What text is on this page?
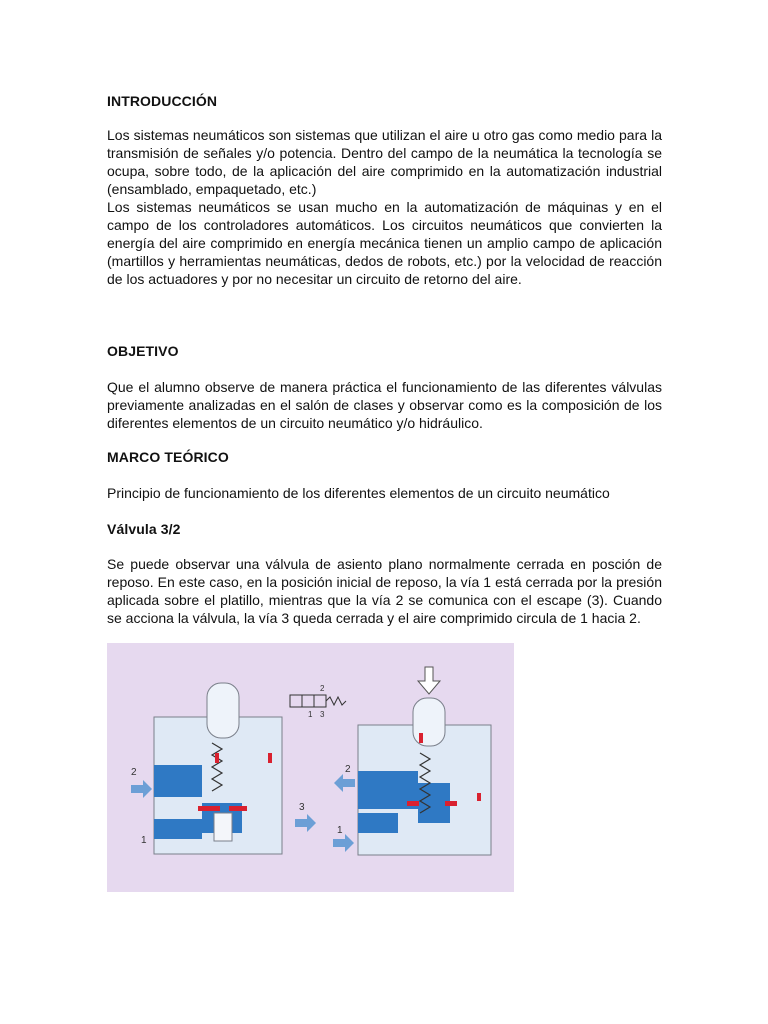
INTRODUCCIÓN

Los sistemas neumáticos son sistemas que utilizan el aire u otro gas como medio para la transmisión de señales y/o potencia. Dentro del campo de la neumática la tecnología se ocupa, sobre todo, de la aplicación del aire comprimido en la automatización industrial (ensamblado, empaquetado, etc.)

Los sistemas neumáticos se usan mucho en la automatización de máquinas y en el campo de los controladores automáticos. Los circuitos neumáticos que convierten la energía del aire comprimido en energía mecánica tienen un amplio campo de aplicación (martillos y herramientas neumáticas, dedos de robots, etc.) por la velocidad de reacción de los actuadores y por no necesitar un circuito de retorno del aire.

OBJETIVO

Que el alumno observe de manera práctica el funcionamiento de las diferentes válvulas previamente analizadas en el salón de clases y observar como es la composición de los diferentes elementos de un circuito neumático y/o hidráulico.

MARCO TEÓRICO

Principio de funcionamiento de los diferentes elementos de un circuito neumático

Válvula 3/2

Se puede observar una válvula de asiento plano normalmente cerrada en posción de reposo. En este caso, en la posición inicial de reposo, la vía 1 está cerrada por la presión aplicada sobre el platillo, mientras que la vía 2 se comunica con el escape (3). Cuando se acciona la válvula, la vía 3 queda cerrada y el aire comprimido circula de 1 hacia 2.

2
1
3
2
1 3
2
1
